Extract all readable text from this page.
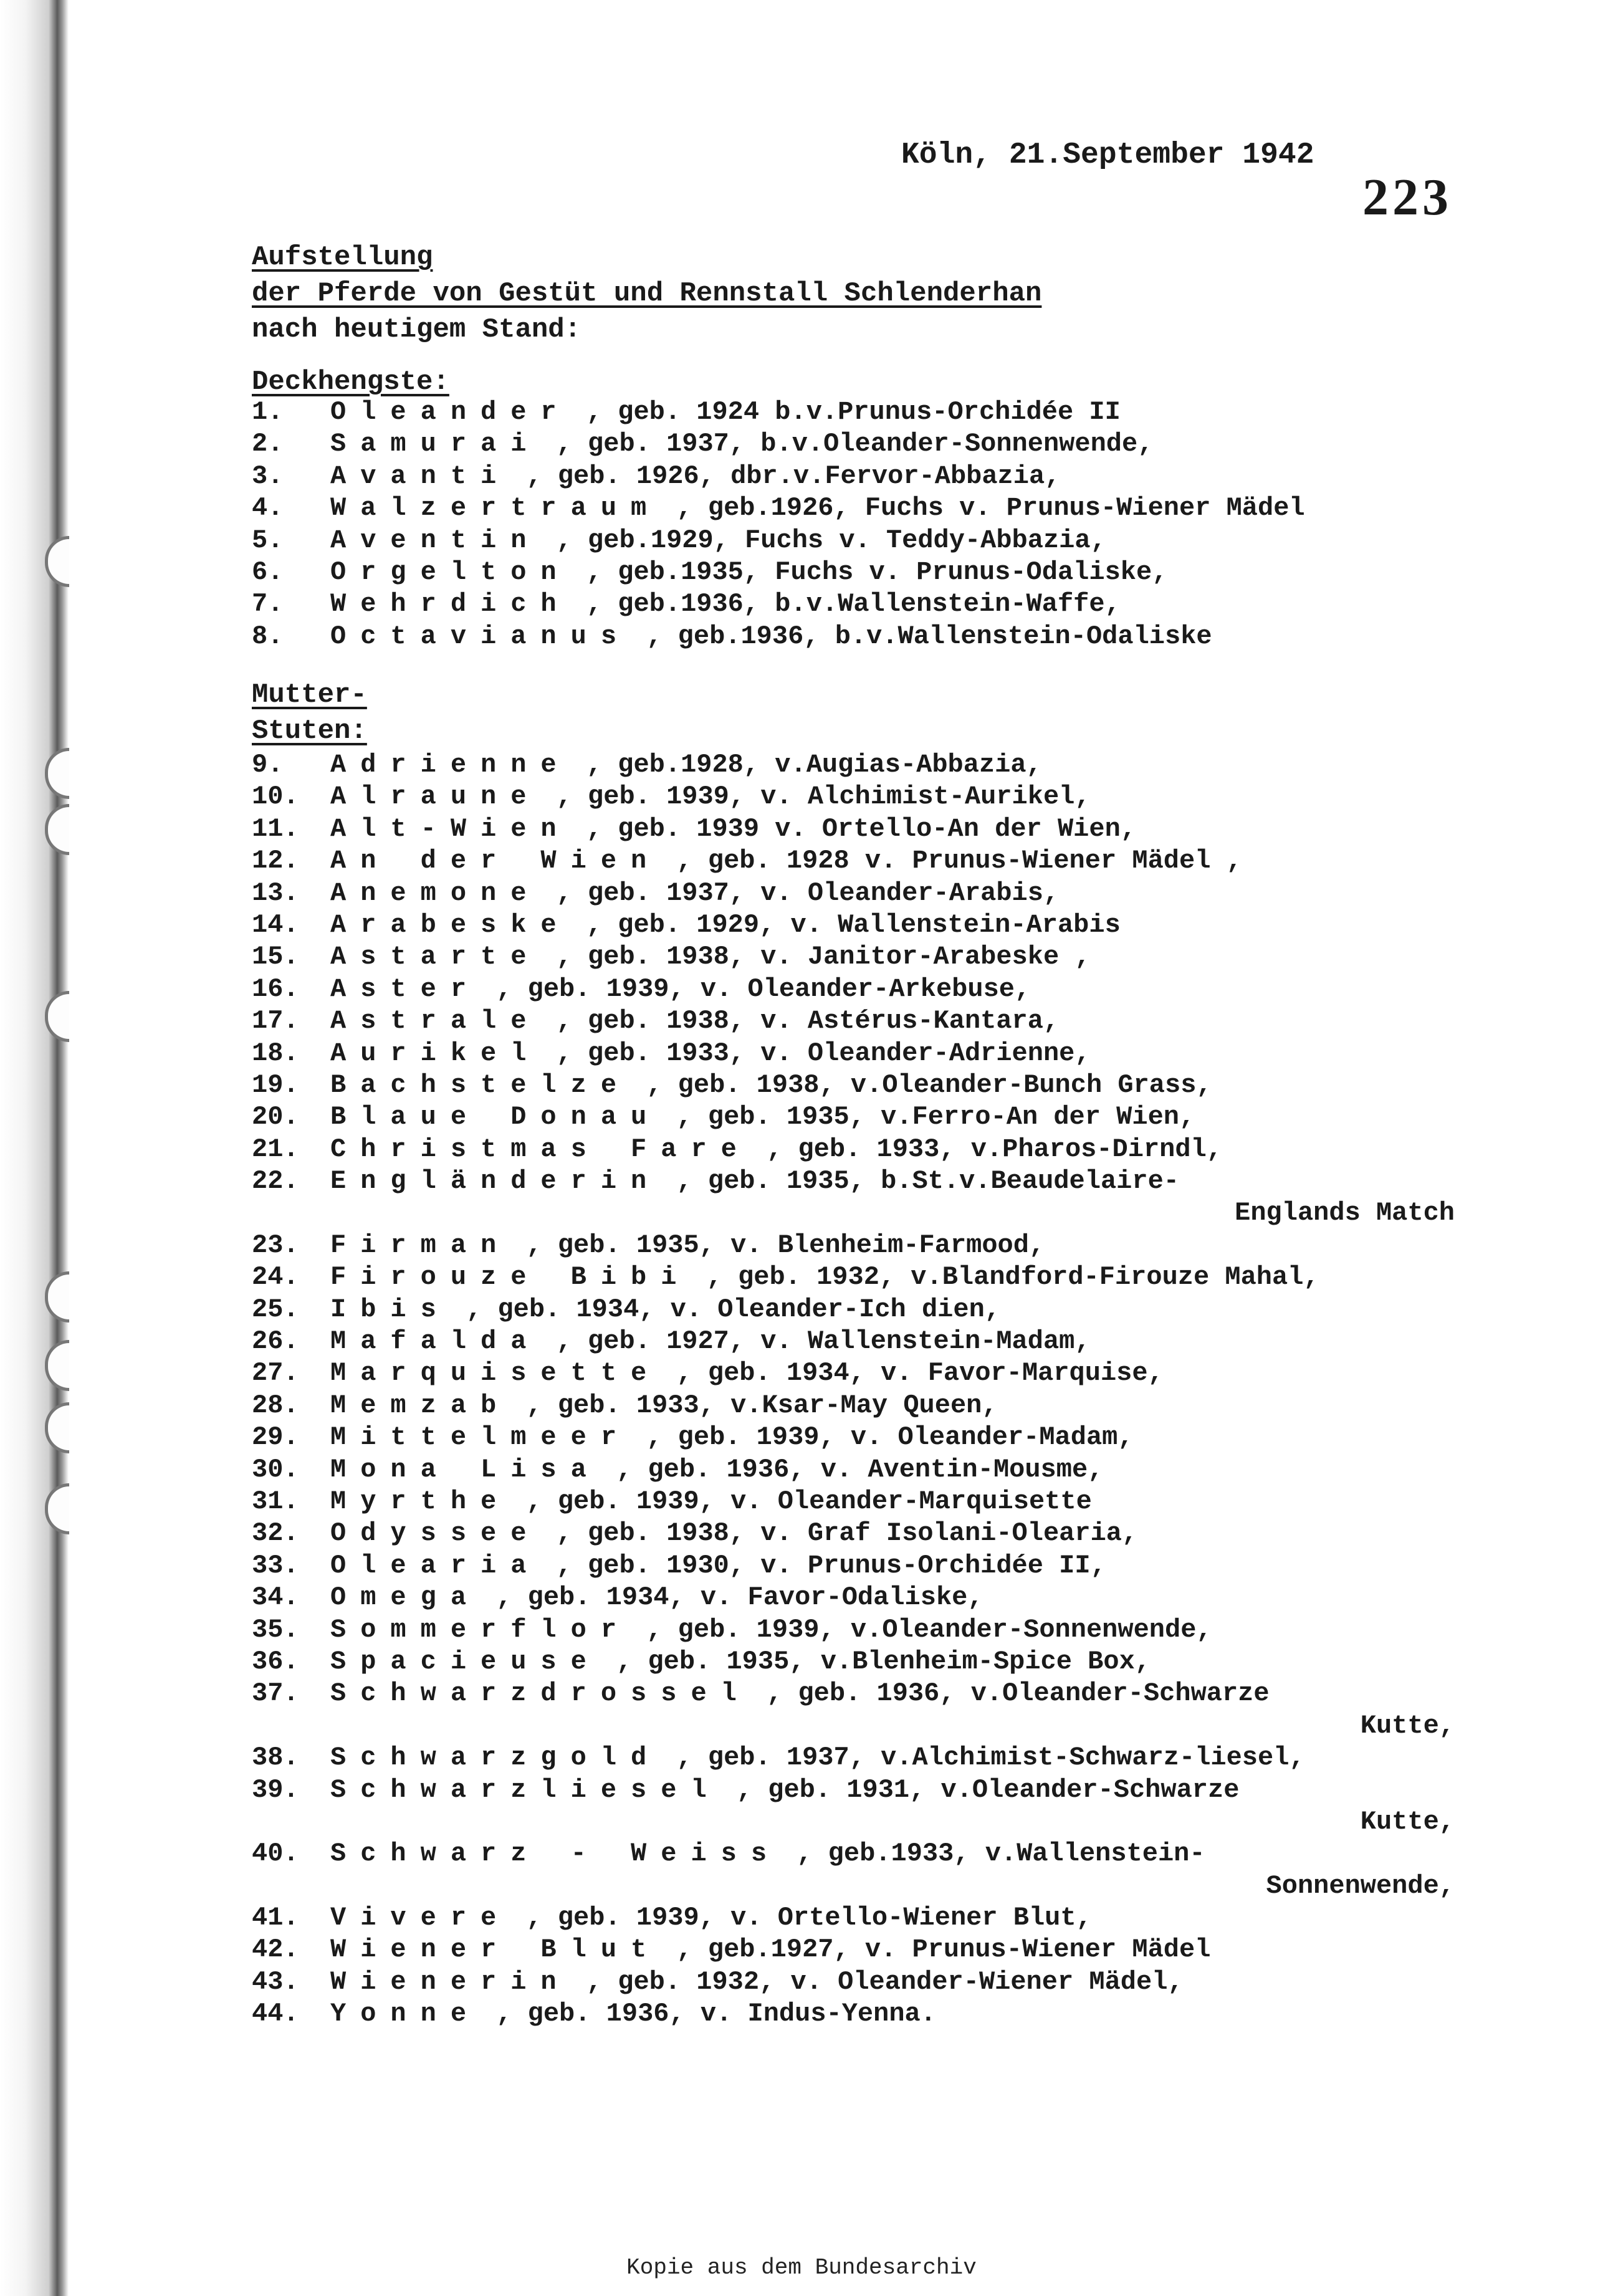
Köln, 21.September 1942
223
Aufstellung
der Pferde von Gestüt und Rennstall Schlenderhan
nach heutigem Stand:
Deckhengste:
1.	Oleander , geb. 1924 b.v.Prunus-Orchidée II
2.	Samurai , geb. 1937, b.v.Oleander-Sonnenwende,
3.	Avanti , geb. 1926, dbr.v.Fervor-Abbazia,
4.	Walzertraum , geb.1926, Fuchs v. Prunus-Wiener Mädel
5.	Aventin , geb.1929, Fuchs v. Teddy-Abbazia,
6.	Orgelton , geb.1935, Fuchs v. Prunus-Odaliske,
7.	Wehrdich , geb.1936, b.v.Wallenstein-Waffe,
8.	Octavianus , geb.1936, b.v.Wallenstein-Odaliske
Mutter-
Stuten:
9.	Adrienne , geb.1928, v.Augias-Abbazia,
10.	Alraune , geb. 1939, v. Alchimist-Aurikel,
11.	Alt-Wien , geb. 1939 v. Ortello-An der Wien,
12.	An der Wien , geb. 1928 v. Prunus-Wiener Mädel ,
13.	Anemone , geb. 1937, v. Oleander-Arabis,
14.	Arabeske , geb. 1929, v. Wallenstein-Arabis
15.	Astarte , geb. 1938, v. Janitor-Arabeske ,
16.	Aster , geb. 1939, v. Oleander-Arkebuse,
17.	Astrale , geb. 1938, v. Astérus-Kantara,
18.	Aurikel , geb. 1933, v. Oleander-Adrienne,
19.	Bachstelze , geb. 1938, v.Oleander-Bunch Grass,
20.	Blaue Donau , geb. 1935, v.Ferro-An der Wien,
21.	Christmas Fare , geb. 1933, v.Pharos-Dirndl,
22.	Engländerin , geb. 1935, b.St.v.Beaudelaire-
Englands Match
23.	Firman , geb. 1935, v. Blenheim-Farmood,
24.	Firouze Bibi , geb. 1932, v.Blandford-Firouze Mahal,
25.	Ibis , geb. 1934, v. Oleander-Ich dien,
26.	Mafalda , geb. 1927, v. Wallenstein-Madam,
27.	Marquisette , geb. 1934, v. Favor-Marquise,
28.	Memzab , geb. 1933, v.Ksar-May Queen,
29.	Mittelmeer , geb. 1939, v. Oleander-Madam,
30.	Mona Lisa , geb. 1936, v. Aventin-Mousme,
31.	Myrthe , geb. 1939, v. Oleander-Marquisette
32.	Odyssee , geb. 1938, v. Graf Isolani-Olearia,
33.	Olearia , geb. 1930, v. Prunus-Orchidée II,
34.	Omega , geb. 1934, v. Favor-Odaliske,
35.	Sommerflor , geb. 1939, v.Oleander-Sonnenwende,
36.	Spacieuse , geb. 1935, v.Blenheim-Spice Box,
37.	Schwarzdrossel , geb. 1936, v.Oleander-Schwarze
Kutte,
38.	Schwarzgold , geb. 1937, v.Alchimist-Schwarz-liesel,
39.	Schwarzliesel , geb. 1931, v.Oleander-Schwarze
Kutte,
40.	Schwarz - Weiss , geb.1933, v.Wallenstein-
Sonnenwende,
41.	Vivere , geb. 1939, v. Ortello-Wiener Blut,
42.	Wiener Blut , geb.1927, v. Prunus-Wiener Mädel
43.	Wienerin , geb. 1932, v. Oleander-Wiener Mädel,
44.	Yonne , geb. 1936, v. Indus-Yenna.
Kopie aus dem Bundesarchiv
